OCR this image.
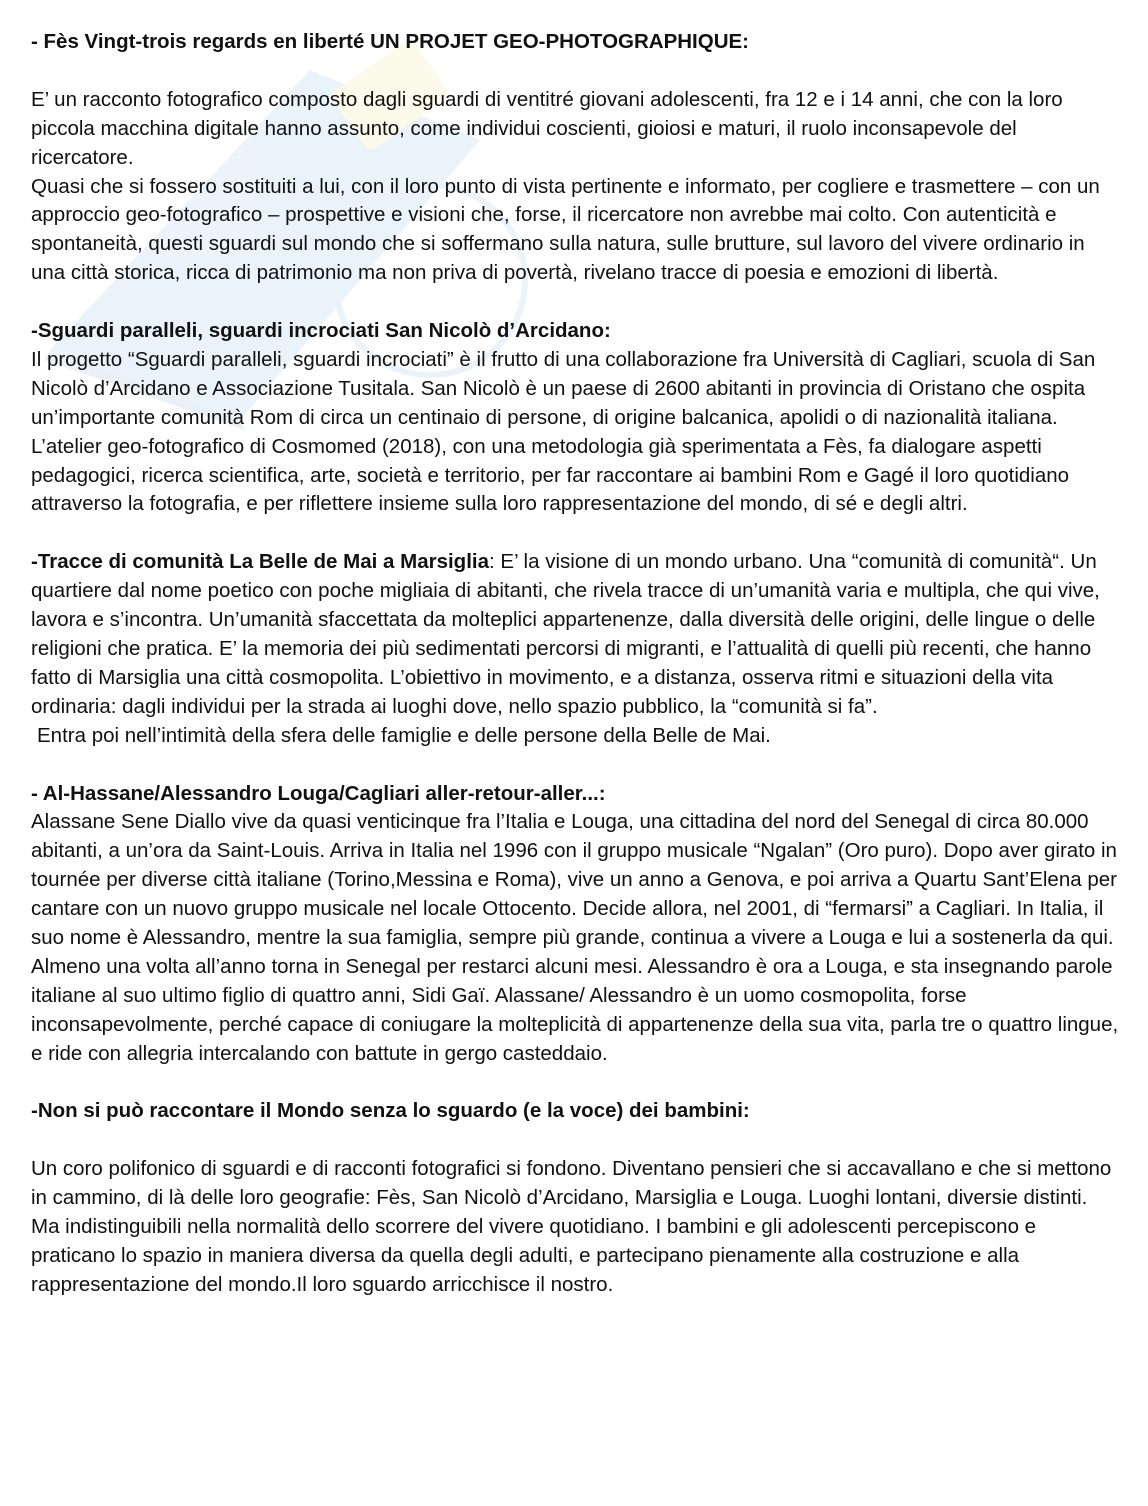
- Fès Vingt-trois regards en liberté UN PROJET GEO-PHOTOGRAPHIQUE:

E’ un racconto fotografico composto dagli sguardi di ventitré giovani adolescenti, fra 12 e i 14 anni, che con la loro piccola macchina digitale hanno assunto, come individui coscienti, gioiosi e maturi, il ruolo inconsapevole del ricercatore.

Quasi che si fossero sostituiti a lui, con il loro punto di vista pertinente e informato, per cogliere e trasmettere – con un approccio geo-fotografico – prospettive e visioni che, forse, il ricercatore non avrebbe mai colto. Con autenticità e spontaneità, questi sguardi sul mondo che si soffermano sulla natura, sulle brutture, sul lavoro del vivere ordinario in una città storica, ricca di patrimonio ma non priva di povertà, rivelano tracce di poesia e emozioni di libertà.

-Sguardi paralleli, sguardi incrociati San Nicolò d’Arcidano:

Il progetto “Sguardi paralleli, sguardi incrociati” è il frutto di una collaborazione fra Università di Cagliari, scuola di San Nicolò d’Arcidano e Associazione Tusitala. San Nicolò è un paese di 2600 abitanti in provincia di Oristano che ospita un’importante comunità Rom di circa un centinaio di persone, di origine balcanica, apolidi o di nazionalità italiana. L’atelier geo-fotografico di Cosmomed (2018), con una metodologia già sperimentata a Fès, fa dialogare aspetti pedagogici, ricerca scientifica, arte, società e territorio, per far raccontare ai bambini Rom e Gagé il loro quotidiano attraverso la fotografia, e per riflettere insieme sulla loro rappresentazione del mondo, di sé e degli altri.

-Tracce di comunità La Belle de Mai a Marsiglia: E’ la visione di un mondo urbano. Una “comunità di comunità“. Un quartiere dal nome poetico con poche migliaia di abitanti, che rivela tracce di un’umanità varia e multipla, che qui vive, lavora e s’incontra. Un’umanità sfaccettata da molteplici appartenenze, dalla diversità delle origini, delle lingue o delle religioni che pratica. E’ la memoria dei più sedimentati percorsi di migranti, e l’attualità di quelli più recenti, che hanno fatto di Marsiglia una città cosmopolita. L’obiettivo in movimento, e a distanza, osserva ritmi e situazioni della vita ordinaria: dagli individui per la strada ai luoghi dove, nello spazio pubblico, la “comunità si fa”.

Entra poi nell’intimità della sfera delle famiglie e delle persone della Belle de Mai.

- Al-Hassane/Alessandro Louga/Cagliari aller-retour-aller...:

Alassane Sene Diallo vive da quasi venticinque fra l’Italia e Louga, una cittadina del nord del Senegal di circa 80.000 abitanti, a un’ora da Saint-Louis. Arriva in Italia nel 1996 con il gruppo musicale “Ngalan” (Oro puro). Dopo aver girato in tournée per diverse città italiane (Torino,Messina e Roma), vive un anno a Genova, e poi arriva a Quartu Sant’Elena per cantare con un nuovo gruppo musicale nel locale Ottocento. Decide allora, nel 2001, di “fermarsi” a Cagliari. In Italia, il suo nome è Alessandro, mentre la sua famiglia, sempre più grande, continua a vivere a Louga e lui a sostenerla da qui. Almeno una volta all’anno torna in Senegal per restarci alcuni mesi. Alessandro è ora a Louga, e sta insegnando parole italiane al suo ultimo figlio di quattro anni, Sidi Gaï. Alassane/ Alessandro è un uomo cosmopolita, forse inconsapevolmente, perché capace di coniugare la molteplicità di appartenenze della sua vita, parla tre o quattro lingue, e ride con allegria intercalando con battute in gergo casteddaio.

-Non si può raccontare il Mondo senza lo sguardo (e la voce) dei bambini:

Un coro polifonico di sguardi e di racconti fotografici si fondono. Diventano pensieri che si accavallano e che si mettono in cammino, di là delle loro geografie: Fès, San Nicolò d’Arcidano, Marsiglia e Louga. Luoghi lontani, diversie distinti. Ma indistinguibili nella normalità dello scorrere del vivere quotidiano. I bambini e gli adolescenti percepiscono e praticano lo spazio in maniera diversa da quella degli adulti, e partecipano pienamente alla costruzione e alla rappresentazione del mondo.Il loro sguardo arricchisce il nostro.
